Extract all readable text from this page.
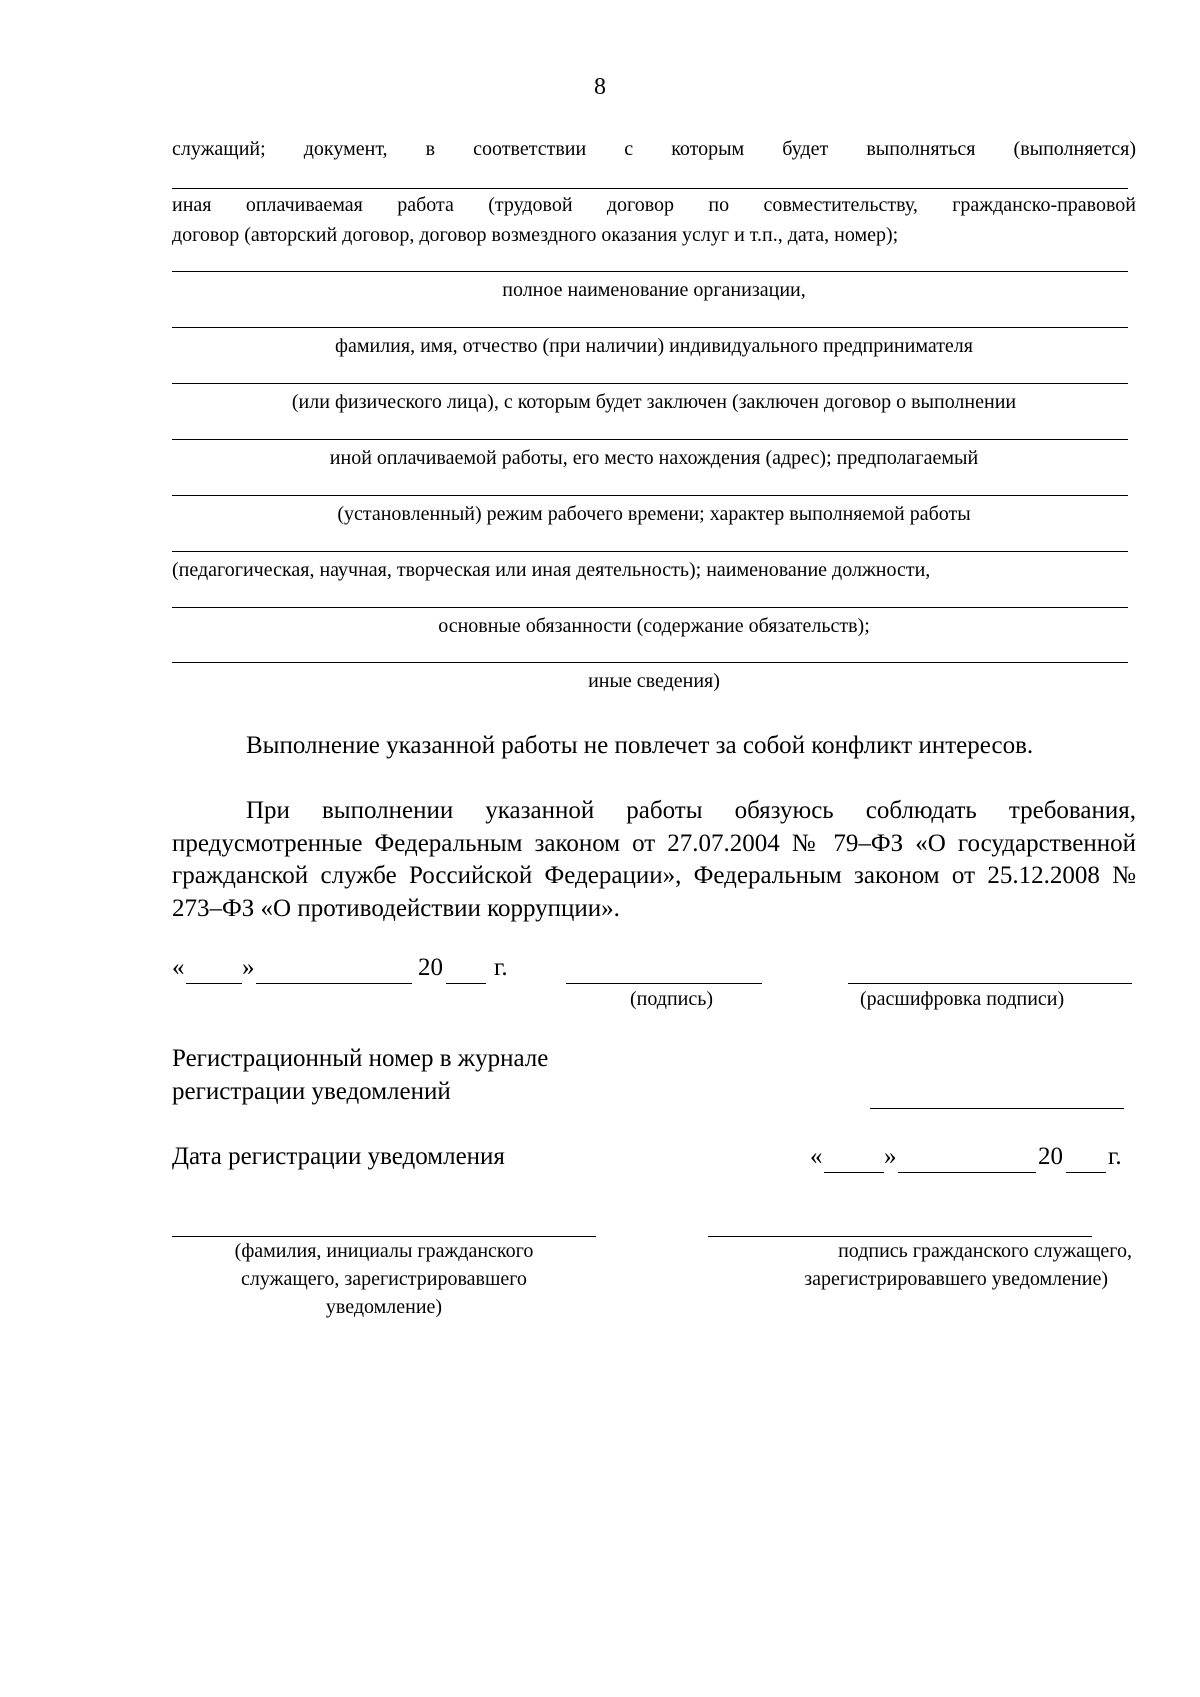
8
служащий; документ, в соответствии с которым будет выполняться (выполняется)
иная оплачиваемая работа (трудовой договор по совместительству, гражданско-правовой
договор (авторский договор, договор возмездного оказания услуг и т.п., дата, номер);
полное наименование организации,
фамилия, имя, отчество (при наличии) индивидуального предпринимателя
(или физического лица), с которым будет заключен (заключен договор о выполнении
иной оплачиваемой работы, его место нахождения (адрес); предполагаемый
(установленный) режим рабочего времени; характер выполняемой работы
(педагогическая, научная, творческая или иная деятельность); наименование должности,
основные обязанности (содержание обязательств);
иные сведения)

Выполнение указанной работы не повлечет за собой конфликт интересов.

При выполнении указанной работы обязуюсь соблюдать требования, предусмотренные Федеральным законом от 27.07.2004 № 79–ФЗ «О государственной гражданской службе Российской Федерации», Федеральным законом от 25.12.2008 № 273–ФЗ «О противодействии коррупции».

« »	20 г.
(подпись)	(расшифровка подписи)
Регистрационный номер в журнале
регистрации уведомлений
Дата регистрации уведомления	« »	20 г.
(фамилия, инициалы гражданского
служащего, зарегистрировавшего
уведомление)
подпись гражданского служащего,
зарегистрировавшего уведомление)
